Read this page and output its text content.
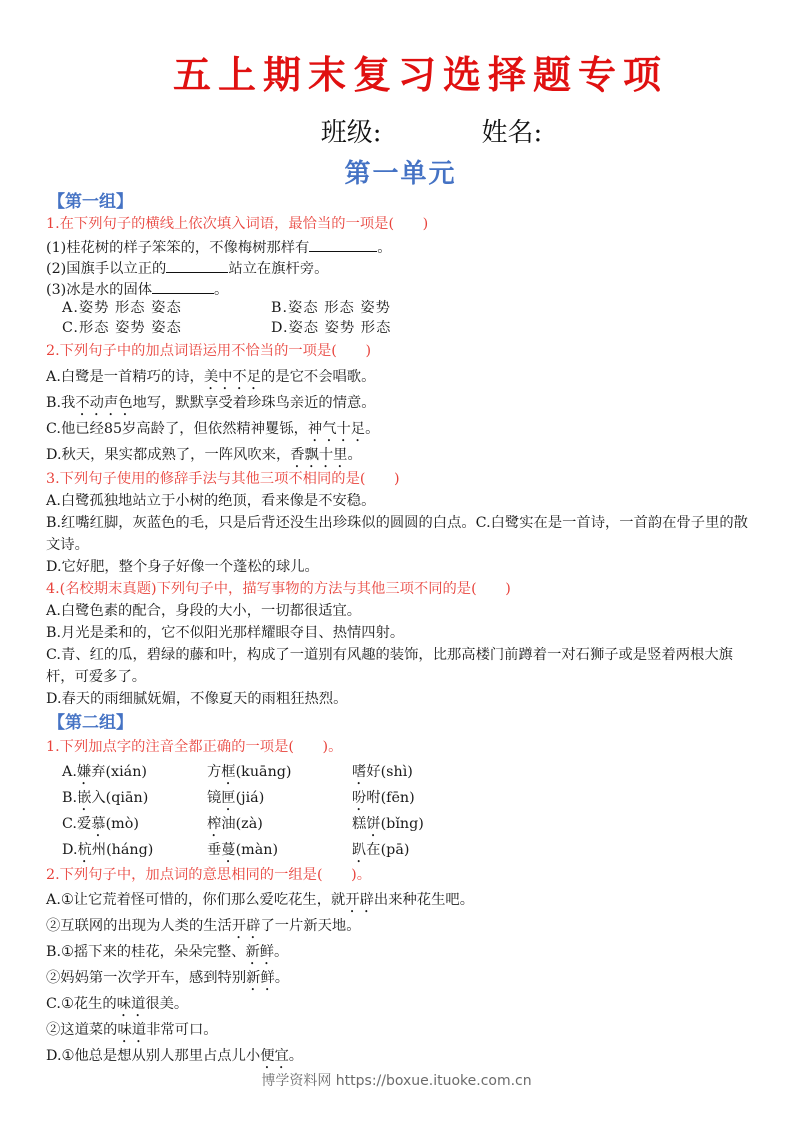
五上期末复习选择题专项
班级:	姓名:
第一单元
【第一组】
1.在下列句子的横线上依次填入词语，最恰当的一项是(　　)
(1)桂花树的样子笨笨的，不像梅树那样有	。
(2)国旗手以立正的	站立在旗杆旁。
(3)冰是水的固体	。
A.姿势 形态 姿态	B.姿态 形态 姿势
C.形态 姿势 姿态	D.姿态 姿势 形态
2.下列句子中的加点词语运用不恰当的一项是(　　)
A.白鹭是一首精巧的诗，美中不足的是它不会唱歌。
B.我不动声色地写，默默享受着珍珠鸟亲近的情意。
C.他已经85岁高龄了，但依然精神矍铄，神气十足。
D.秋天，果实都成熟了，一阵风吹来，香飘十里。
3.下列句子使用的修辞手法与其他三项不相同的是(　　)
A.白鹭孤独地站立于小树的绝顶，看来像是不安稳。
B.红嘴红脚，灰蓝色的毛，只是后背还没生出珍珠似的圆圆的白点。C.白鹭实在是一首诗，一首韵在骨子里的散文诗。
D.它好肥，整个身子好像一个蓬松的球儿。
4.(名校期末真题)下列句子中，描写事物的方法与其他三项不同的是(　　)
A.白鹭色素的配合，身段的大小，一切都很适宜。
B.月光是柔和的，它不似阳光那样耀眼夺目、热情四射。
C.青、红的瓜，碧绿的藤和叶，构成了一道别有风趣的装饰，比那高楼门前蹲着一对石狮子或是竖着两根大旗杆，可爱多了。
D.春天的雨细腻妩媚，不像夏天的雨粗狂热烈。
【第二组】
1.下列加点字的注音全都正确的一项是(　　)。
A.嫌弃(xián)	方框(kuāng)	嗜好(shì)
B.嵌入(qiān)	镜匣(jiá)	吩咐(fēn)
C.爱慕(mò)	榨油(zà)	糕饼(bǐng)
D.杭州(háng)	垂蔓(màn)	趴在(pā)
2.下列句子中，加点词的意思相同的一组是(　　)。
A.①让它荒着怪可惜的，你们那么爱吃花生，就开辟出来种花生吧。
②互联网的出现为人类的生活开辟了一片新天地。
B.①摇下来的桂花，朵朵完整、新鲜。
②妈妈第一次学开车，感到特别新鲜。
C.①花生的味道很美。
②这道菜的味道非常可口。
D.①他总是想从别人那里占点儿小便宜。
博学资料网 https://boxue.ituoke.com.cn
